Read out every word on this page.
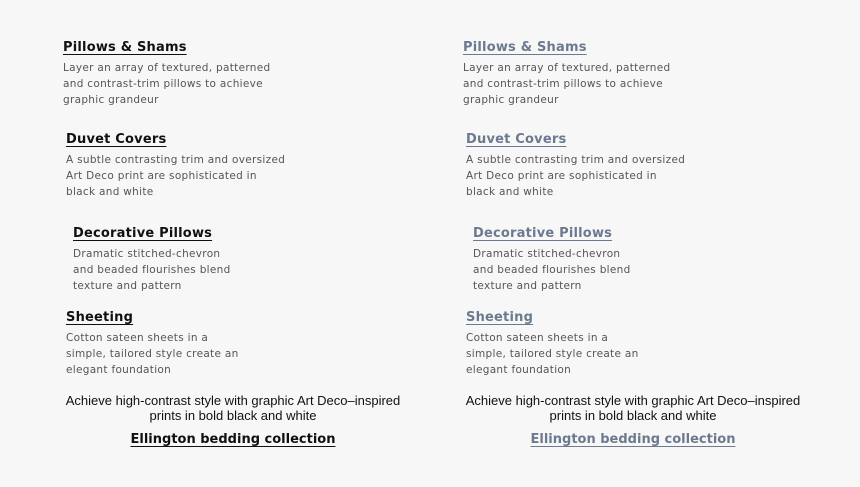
Pillows & Shams

Layer an array of textured, patterned
and contrast-trim pillows to achieve
graphic grandeur

Duvet Covers

A subtle contrasting trim and oversized
Art Deco print are sophisticated in
black and white

Decorative Pillows

Dramatic stitched-chevron
and beaded flourishes blend
texture and pattern

Sheeting

Cotton sateen sheets in a
simple, tailored style create an
elegant foundation

Achieve high-contrast style with graphic Art Deco–inspired
prints in bold black and white
Ellington bedding collection
Pillows & Shams

Layer an array of textured, patterned
and contrast-trim pillows to achieve
graphic grandeur

Duvet Covers

A subtle contrasting trim and oversized
Art Deco print are sophisticated in
black and white

Decorative Pillows

Dramatic stitched-chevron
and beaded flourishes blend
texture and pattern

Sheeting

Cotton sateen sheets in a
simple, tailored style create an
elegant foundation

Achieve high-contrast style with graphic Art Deco–inspired
prints in bold black and white
Ellington bedding collection
